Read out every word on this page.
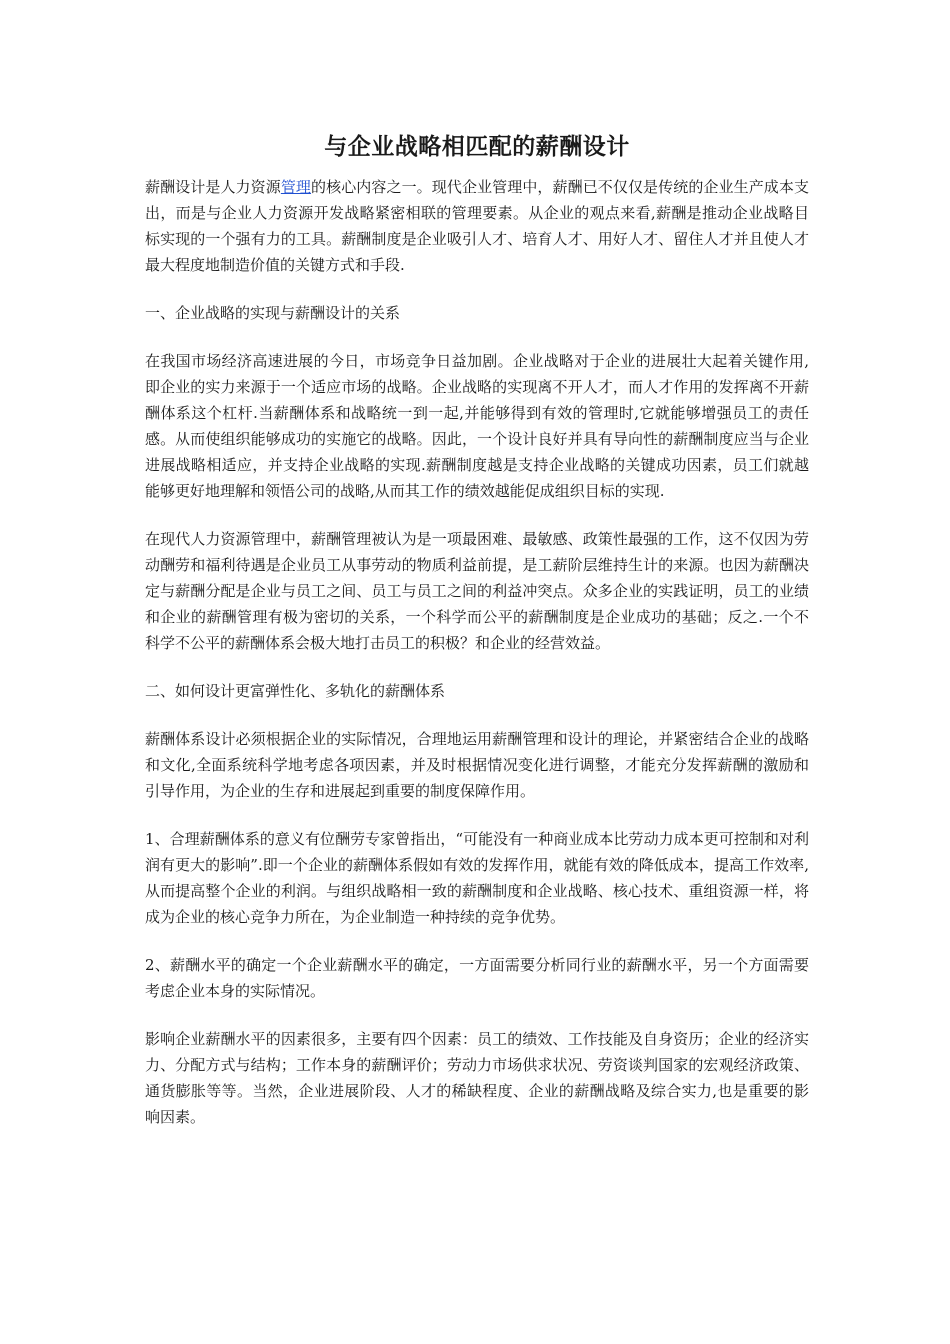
与企业战略相匹配的薪酬设计

薪酬设计是人力资源管理的核心内容之一。现代企业管理中，薪酬已不仅仅是传统的企业生产成本支出，而是与企业人力资源开发战略紧密相联的管理要素。从企业的观点来看,薪酬是推动企业战略目标实现的一个强有力的工具。薪酬制度是企业吸引人才、培育人才、用好人才、留住人才并且使人才最大程度地制造价值的关键方式和手段.

一、企业战略的实现与薪酬设计的关系

在我国市场经济高速进展的今日，市场竞争日益加剧。企业战略对于企业的进展壮大起着关键作用,即企业的实力来源于一个适应市场的战略。企业战略的实现离不开人才，而人才作用的发挥离不开薪酬体系这个杠杆.当薪酬体系和战略统一到一起,并能够得到有效的管理时,它就能够增强员工的责任感。从而使组织能够成功的实施它的战略。因此，一个设计良好并具有导向性的薪酬制度应当与企业进展战略相适应，并支持企业战略的实现.薪酬制度越是支持企业战略的关键成功因素，员工们就越能够更好地理解和领悟公司的战略,从而其工作的绩效越能促成组织目标的实现.

在现代人力资源管理中，薪酬管理被认为是一项最困难、最敏感、政策性最强的工作，这不仅因为劳动酬劳和福利待遇是企业员工从事劳动的物质利益前提，是工薪阶层维持生计的来源。也因为薪酬决定与薪酬分配是企业与员工之间、员工与员工之间的利益冲突点。众多企业的实践证明，员工的业绩和企业的薪酬管理有极为密切的关系，一个科学而公平的薪酬制度是企业成功的基础；反之.一个不科学不公平的薪酬体系会极大地打击员工的积极？和企业的经营效益。

二、如何设计更富弹性化、多轨化的薪酬体系

薪酬体系设计必须根据企业的实际情况，合理地运用薪酬管理和设计的理论，并紧密结合企业的战略和文化,全面系统科学地考虑各项因素，并及时根据情况变化进行调整，才能充分发挥薪酬的激励和引导作用，为企业的生存和进展起到重要的制度保障作用。

1、合理薪酬体系的意义有位酬劳专家曾指出，“可能没有一种商业成本比劳动力成本更可控制和对利润有更大的影响”.即一个企业的薪酬体系假如有效的发挥作用，就能有效的降低成本，提高工作效率,从而提高整个企业的利润。与组织战略相一致的薪酬制度和企业战略、核心技术、重组资源一样，将成为企业的核心竞争力所在，为企业制造一种持续的竞争优势。

2、薪酬水平的确定一个企业薪酬水平的确定，一方面需要分析同行业的薪酬水平，另一个方面需要考虑企业本身的实际情况。

影响企业薪酬水平的因素很多，主要有四个因素：员工的绩效、工作技能及自身资历；企业的经济实力、分配方式与结构；工作本身的薪酬评价；劳动力市场供求状况、劳资谈判国家的宏观经济政策、通货膨胀等等。当然，企业进展阶段、人才的稀缺程度、企业的薪酬战略及综合实力,也是重要的影响因素。
